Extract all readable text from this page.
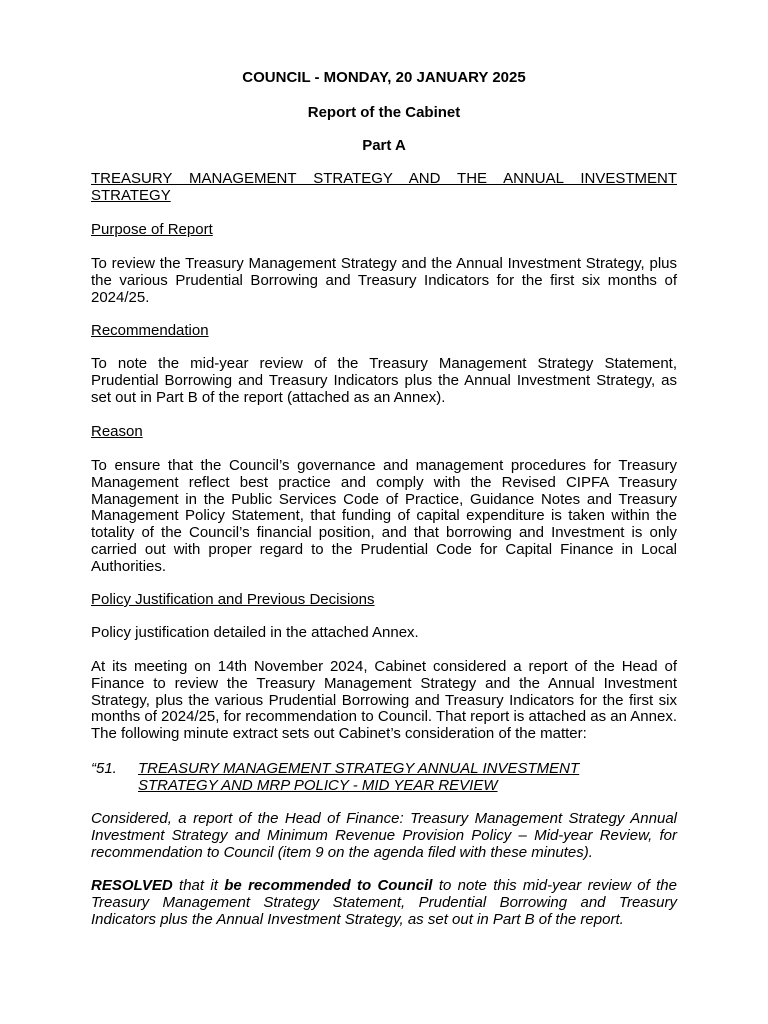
COUNCIL - MONDAY, 20 JANUARY 2025

Report of the Cabinet

Part A

TREASURY MANAGEMENT STRATEGY AND THE ANNUAL INVESTMENT STRATEGY

Purpose of Report

To review the Treasury Management Strategy and the Annual Investment Strategy, plus the various Prudential Borrowing and Treasury Indicators for the first six months of 2024/25.

Recommendation

To note the mid-year review of the Treasury Management Strategy Statement, Prudential Borrowing and Treasury Indicators plus the Annual Investment Strategy, as set out in Part B of the report (attached as an Annex).

Reason

To ensure that the Council’s governance and management procedures for Treasury Management reflect best practice and comply with the Revised CIPFA Treasury Management in the Public Services Code of Practice, Guidance Notes and Treasury Management Policy Statement, that funding of capital expenditure is taken within the totality of the Council’s financial position, and that borrowing and Investment is only carried out with proper regard to the Prudential Code for Capital Finance in Local Authorities.

Policy Justification and Previous Decisions

Policy justification detailed in the attached Annex.

At its meeting on 14th November 2024, Cabinet considered a report of the Head of Finance to review the Treasury Management Strategy and the Annual Investment Strategy, plus the various Prudential Borrowing and Treasury Indicators for the first six months of 2024/25, for recommendation to Council. That report is attached as an Annex. The following minute extract sets out Cabinet’s consideration of the matter:

“51.	TREASURY MANAGEMENT STRATEGY ANNUAL INVESTMENT

STRATEGY AND MRP POLICY - MID YEAR REVIEW

Considered, a report of the Head of Finance: Treasury Management Strategy Annual Investment Strategy and Minimum Revenue Provision Policy – Mid-year Review, for recommendation to Council (item 9 on the agenda filed with these minutes).

RESOLVED that it be recommended to Council to note this mid-year review of the Treasury Management Strategy Statement, Prudential Borrowing and Treasury Indicators plus the Annual Investment Strategy, as set out in Part B of the report.
